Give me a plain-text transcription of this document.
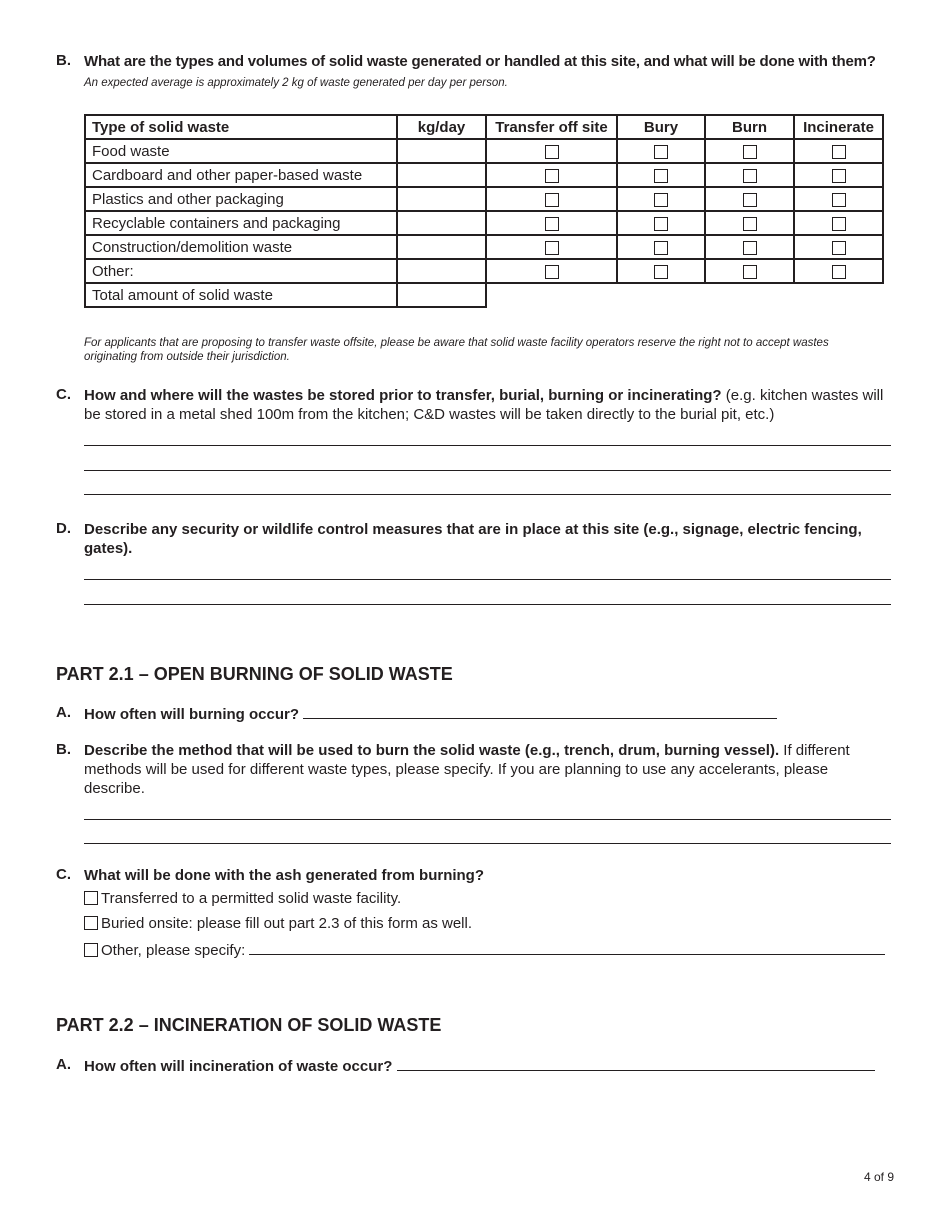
B. What are the types and volumes of solid waste generated or handled at this site, and what will be done with them?
An expected average is approximately 2 kg of waste generated per day per person.
Type of solid waste	kg/day	Transfer off site	Bury	Burn	Incinerate
Food waste					
Cardboard and other paper-based waste					
Plastics and other packaging					
Recyclable containers and packaging					
Construction/demolition waste					
Other:					
Total amount of solid waste					
For applicants that are proposing to transfer waste offsite, please be aware that solid waste facility operators reserve the right not to accept wastes originating from outside their jurisdiction.
C. How and where will the wastes be stored prior to transfer, burial, burning or incinerating? (e.g. kitchen wastes will be stored in a metal shed 100m from the kitchen; C&D wastes will be taken directly to the burial pit, etc.)
D. Describe any security or wildlife control measures that are in place at this site (e.g., signage, electric fencing, gates).
PART 2.1 – OPEN BURNING OF SOLID WASTE
A. How often will burning occur?
B. Describe the method that will be used to burn the solid waste (e.g., trench, drum, burning vessel). If different methods will be used for different waste types, please specify. If you are planning to use any accelerants, please describe.
C. What will be done with the ash generated from burning?
Transferred to a permitted solid waste facility.
Buried onsite: please fill out part 2.3 of this form as well.
Other, please specify:
PART 2.2 – INCINERATION OF SOLID WASTE
A. How often will incineration of waste occur?
4 of 9
